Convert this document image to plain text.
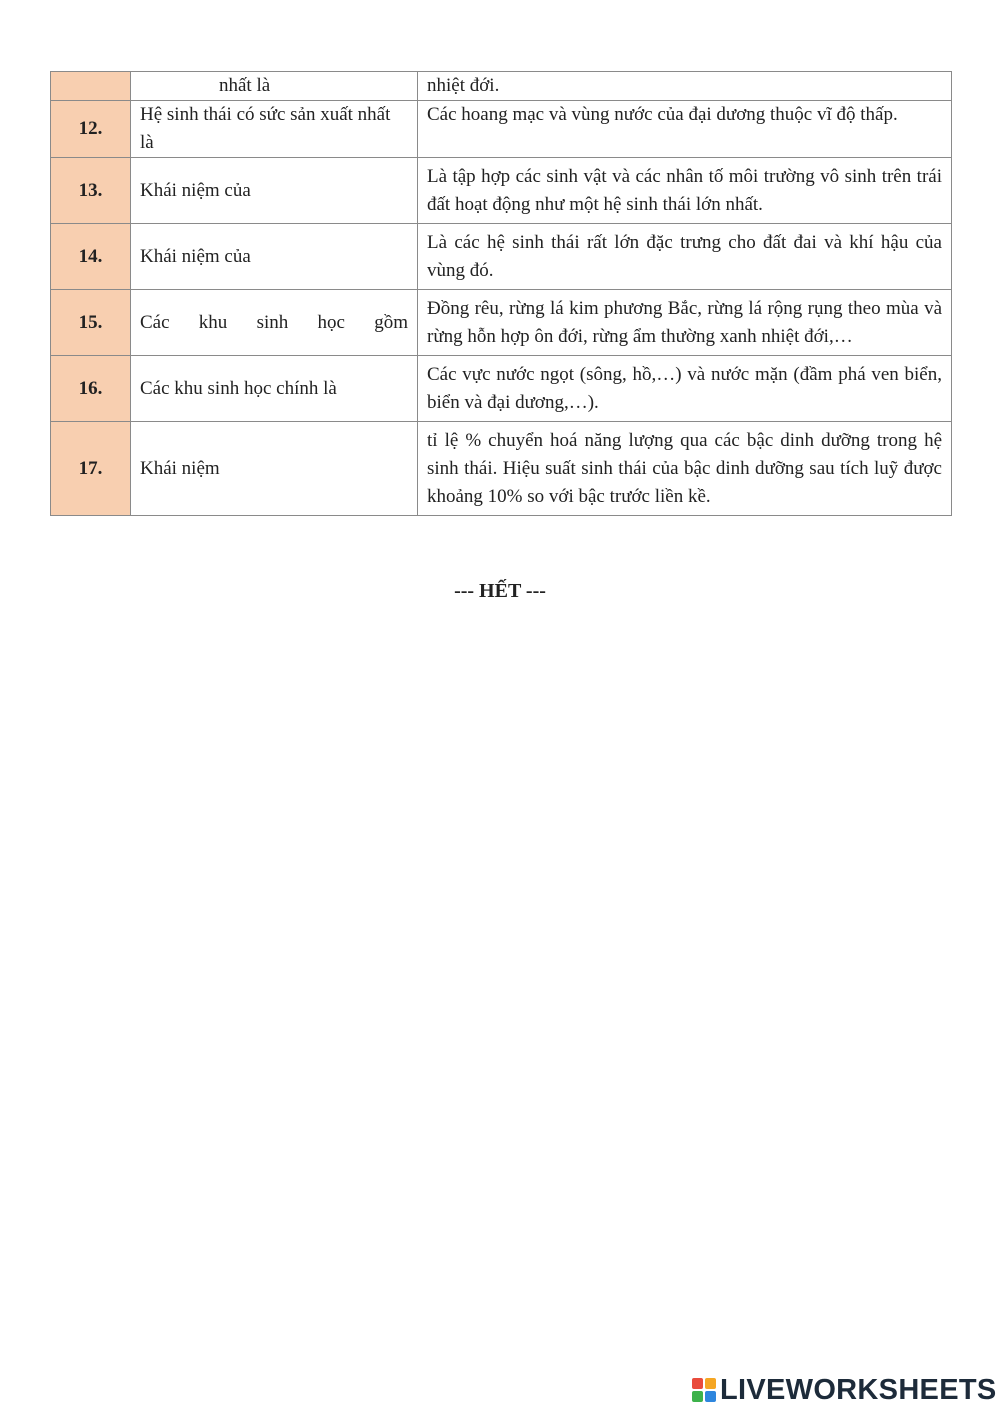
	nhất là	nhiệt đới.
12.	Hệ sinh thái có sức sản xuất nhất là	Các hoang mạc và vùng nước của đại dương thuộc vĩ độ thấp.
13.	Khái niệm của	Là tập hợp các sinh vật và các nhân tố môi trường vô sinh trên trái đất hoạt động như một hệ sinh thái lớn nhất.
14.	Khái niệm của	Là các hệ sinh thái rất lớn đặc trưng cho đất đai và khí hậu của vùng đó.
15.	Các khu sinh học gồm	Đồng rêu, rừng lá kim phương Bắc, rừng lá rộng rụng theo mùa và rừng hỗn hợp ôn đới, rừng ẩm thường xanh nhiệt đới,…
16.	Các khu sinh học chính là	Các vực nước ngọt (sông, hồ,…) và nước mặn (đầm phá ven biển, biển và đại dương,…).
17.	Khái niệm	tỉ lệ % chuyển hoá năng lượng qua các bậc dinh dưỡng trong hệ sinh thái. Hiệu suất sinh thái của bậc dinh dưỡng sau tích luỹ được khoảng 10% so với bậc trước liền kề.
--- HẾT ---
LIVEWORKSHEETS
